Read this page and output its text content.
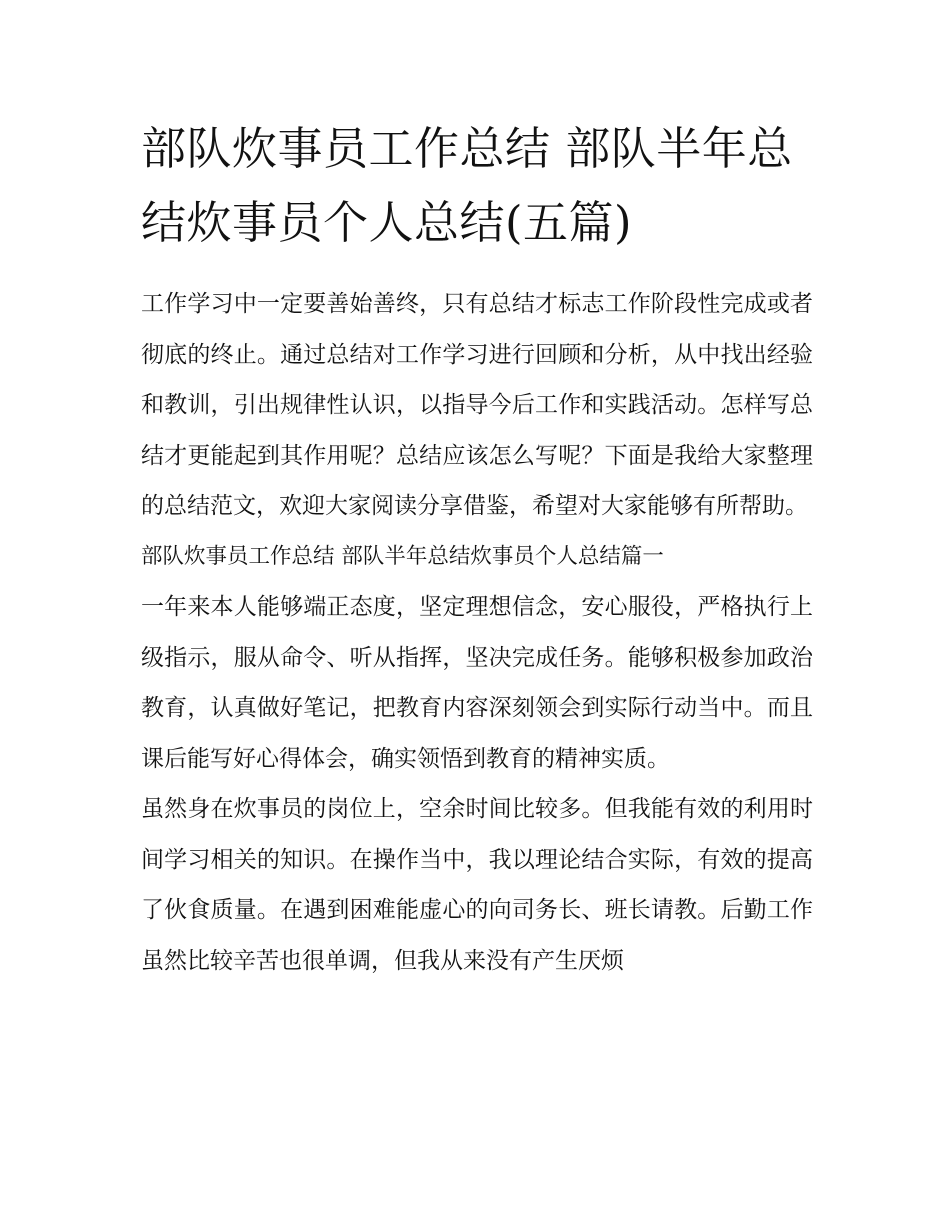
部队炊事员工作总结 部队半年总结炊事员个人总结(五篇)

工作学习中一定要善始善终，只有总结才标志工作阶段性完成或者彻底的终止。通过总结对工作学习进行回顾和分析，从中找出经验和教训，引出规律性认识，以指导今后工作和实践活动。怎样写总结才更能起到其作用呢？总结应该怎么写呢？下面是我给大家整理的总结范文，欢迎大家阅读分享借鉴，希望对大家能够有所帮助。

部队炊事员工作总结 部队半年总结炊事员个人总结篇一

一年来本人能够端正态度，坚定理想信念，安心服役，严格执行上级指示，服从命令、听从指挥，坚决完成任务。能够积极参加政治教育，认真做好笔记，把教育内容深刻领会到实际行动当中。而且课后能写好心得体会，确实领悟到教育的精神实质。

虽然身在炊事员的岗位上，空余时间比较多。但我能有效的利用时间学习相关的知识。在操作当中，我以理论结合实际，有效的提高了伙食质量。在遇到困难能虚心的向司务长、班长请教。后勤工作虽然比较辛苦也很单调，但我从来没有产生厌烦
